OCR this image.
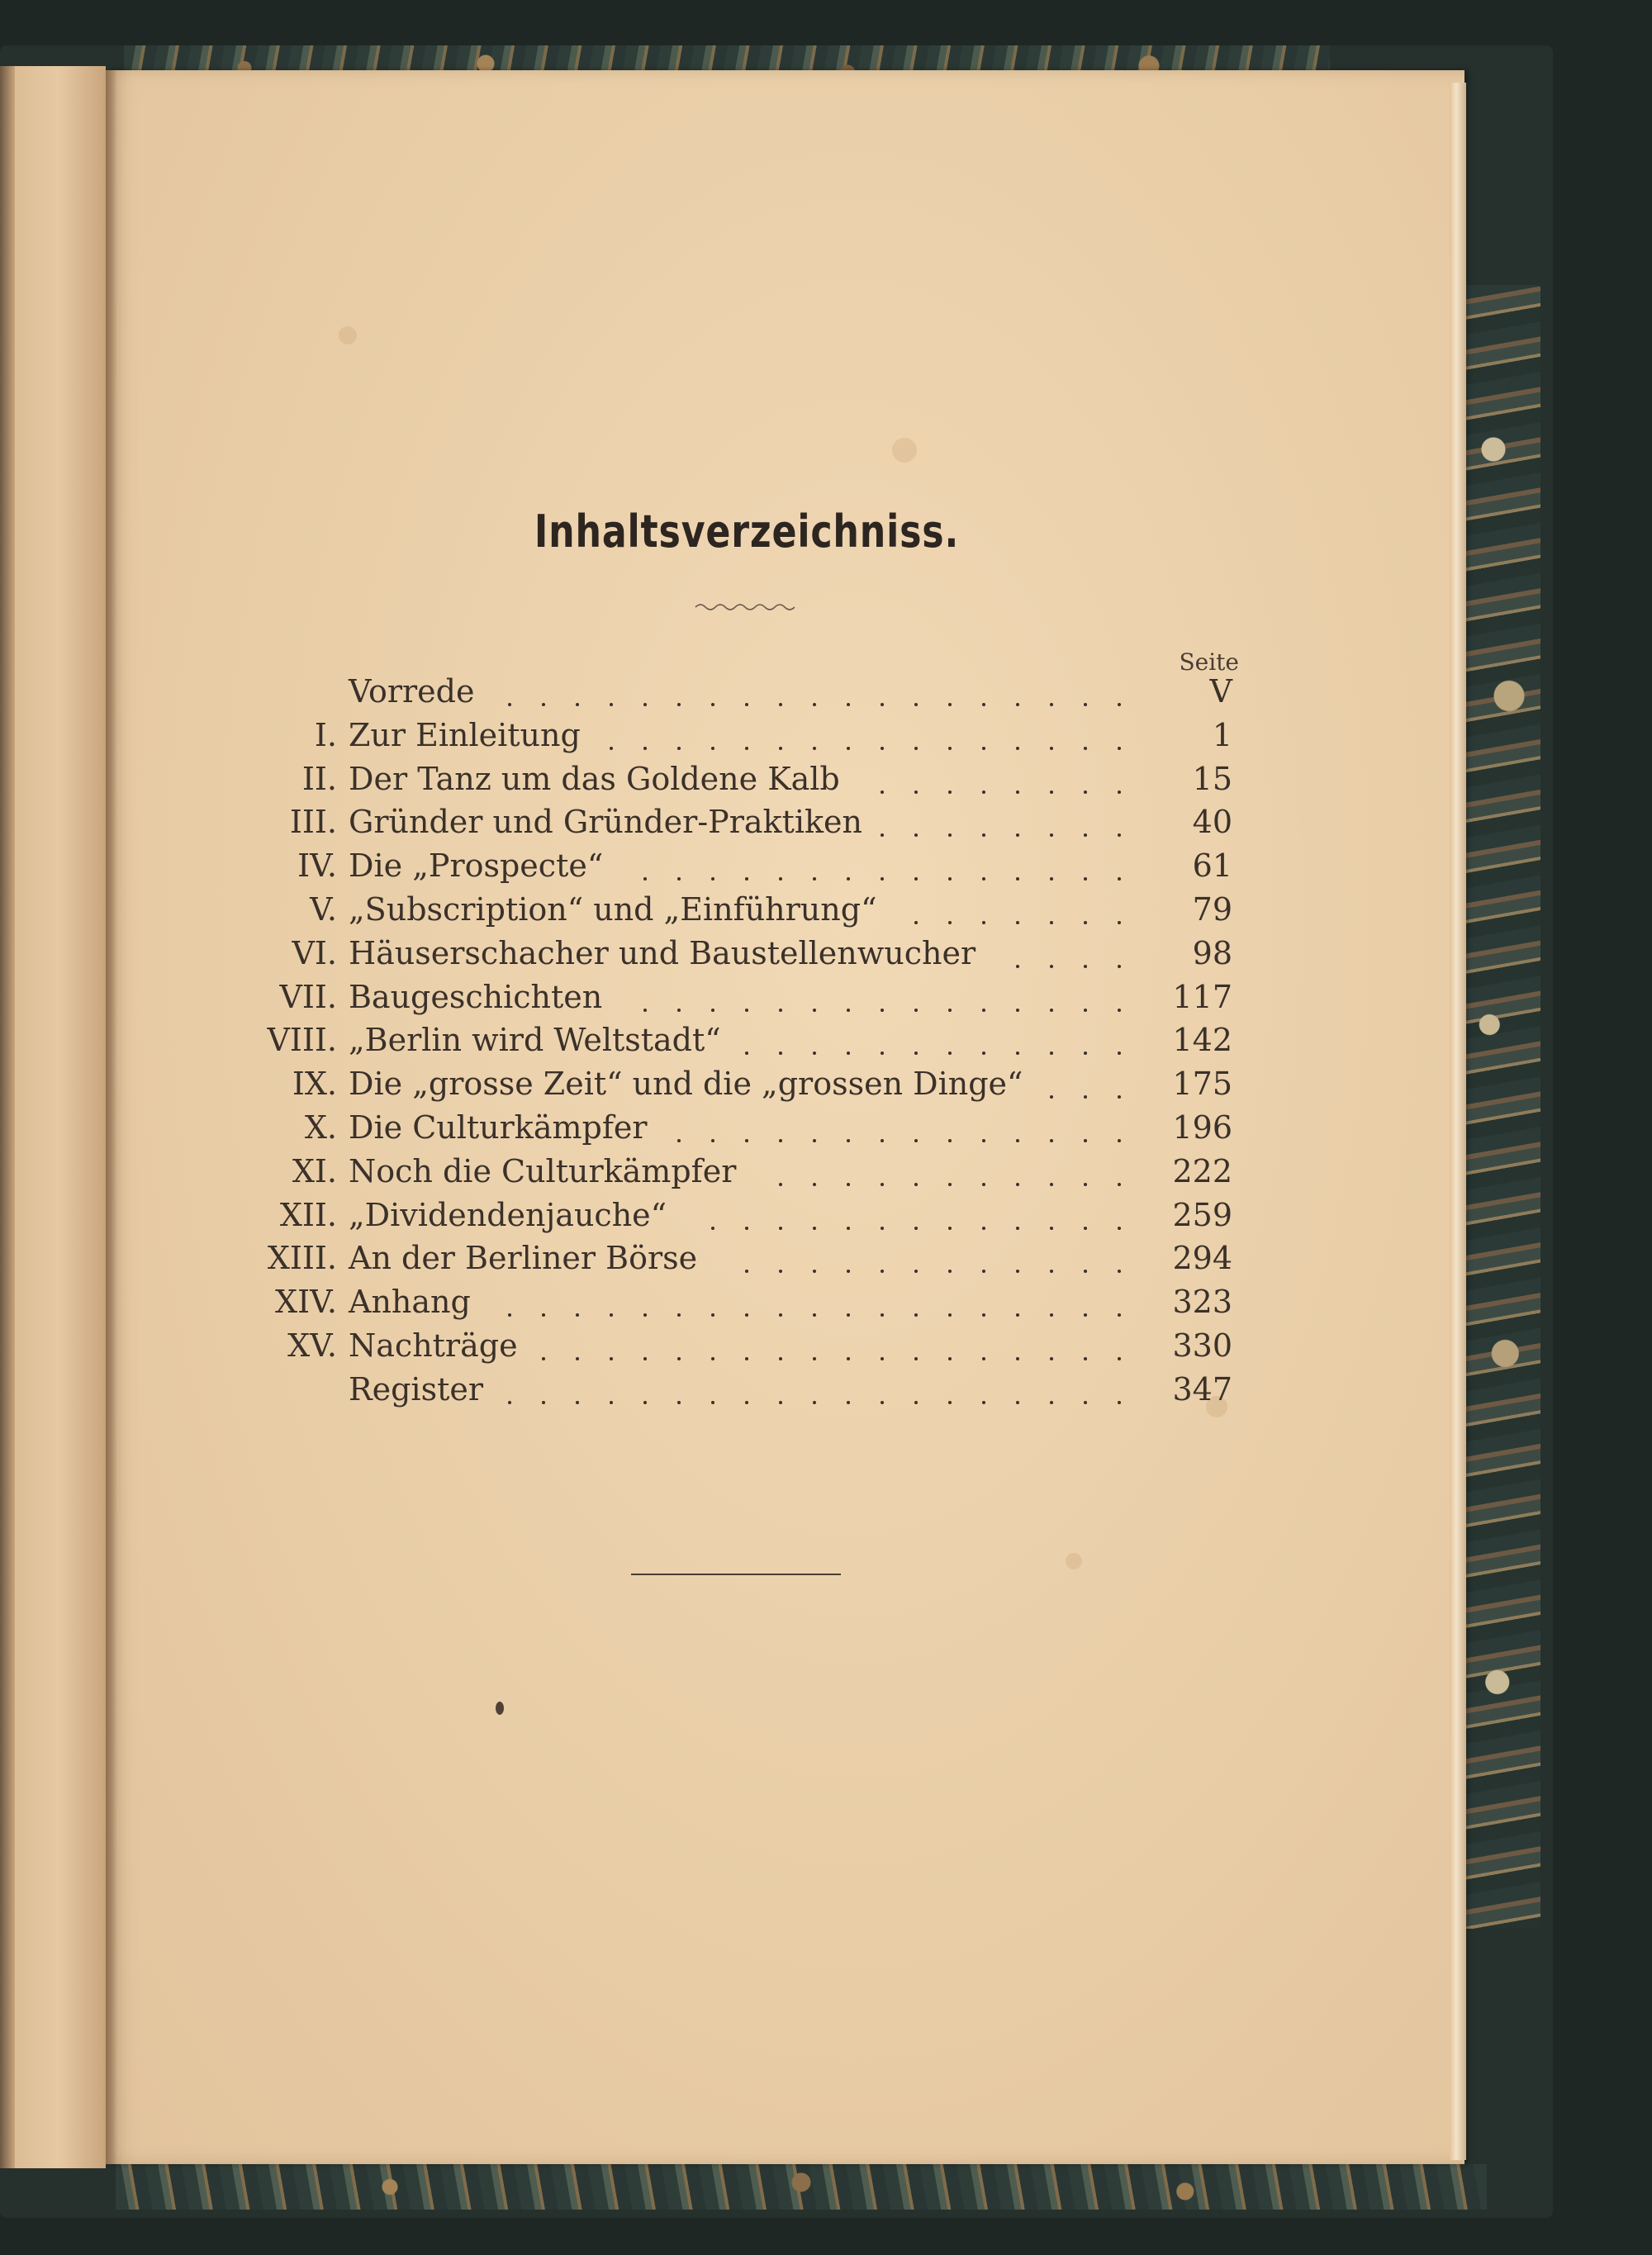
Inhaltsverzeichniss.
Seite
Vorrede	V
I. Zur Einleitung	1
II. Der Tanz um das Goldene Kalb	15
III. Gründer und Gründer-Praktiken	40
IV. Die „Prospecte“	61
V. „Subscription“ und „Einführung“	79
VI. Häuserschacher und Baustellenwucher	98
VII. Baugeschichten	117
VIII. „Berlin wird Weltstadt“	142
IX. Die „grosse Zeit“ und die „grossen Dinge“	175
X. Die Culturkämpfer	196
XI. Noch die Culturkämpfer	222
XII. „Dividendenjauche“	259
XIII. An der Berliner Börse	294
XIV. Anhang	323
XV. Nachträge	330
Register	347
